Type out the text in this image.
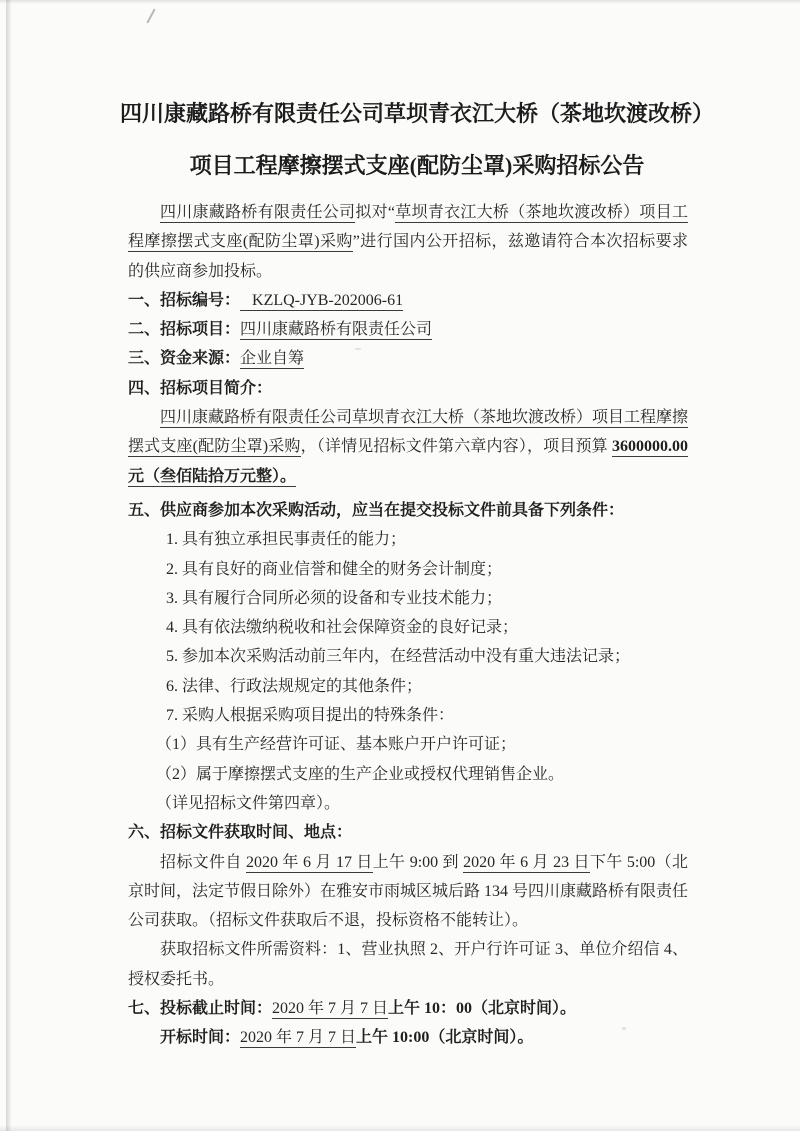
四川康藏路桥有限责任公司草坝青衣江大桥（茶地坎渡改桥）
项目工程摩擦摆式支座(配防尘罩)采购招标公告

四川康藏路桥有限责任公司拟对“草坝青衣江大桥（茶地坎渡改桥）项目工程摩擦摆式支座(配防尘罩)采购”进行国内公开招标，兹邀请符合本次招标要求的供应商参加投标。

一、招标编号： KZLQ-JYB-202006-61
二、招标项目：四川康藏路桥有限责任公司
三、资金来源：企业自筹
四、招标项目简介：

四川康藏路桥有限责任公司草坝青衣江大桥（茶地坎渡改桥）项目工程摩擦摆式支座(配防尘罩)采购，（详情见招标文件第六章内容），项目预算 3600000.00 元（叁佰陆拾万元整）。

五、供应商参加本次采购活动，应当在提交投标文件前具备下列条件：
1. 具有独立承担民事责任的能力；
2. 具有良好的商业信誉和健全的财务会计制度；
3. 具有履行合同所必须的设备和专业技术能力；
4. 具有依法缴纳税收和社会保障资金的良好记录；
5. 参加本次采购活动前三年内，在经营活动中没有重大违法记录；
6. 法律、行政法规规定的其他条件；
7. 采购人根据采购项目提出的特殊条件：
（1）具有生产经营许可证、基本账户开户许可证；
（2）属于摩擦摆式支座的生产企业或授权代理销售企业。
（详见招标文件第四章）。
六、招标文件获取时间、地点：

招标文件自 2020 年 6 月 17 日上午 9:00 到 2020 年 6 月 23 日下午 5:00（北京时间，法定节假日除外）在雅安市雨城区城后路 134 号四川康藏路桥有限责任公司获取。（招标文件获取后不退，投标资格不能转让）。

获取招标文件所需资料：1、营业执照 2、开户行许可证 3、单位介绍信 4、授权委托书。

七、投标截止时间：2020 年 7 月 7 日上午 10：00（北京时间）。
开标时间：2020 年 7 月 7 日上午 10:00（北京时间）。
